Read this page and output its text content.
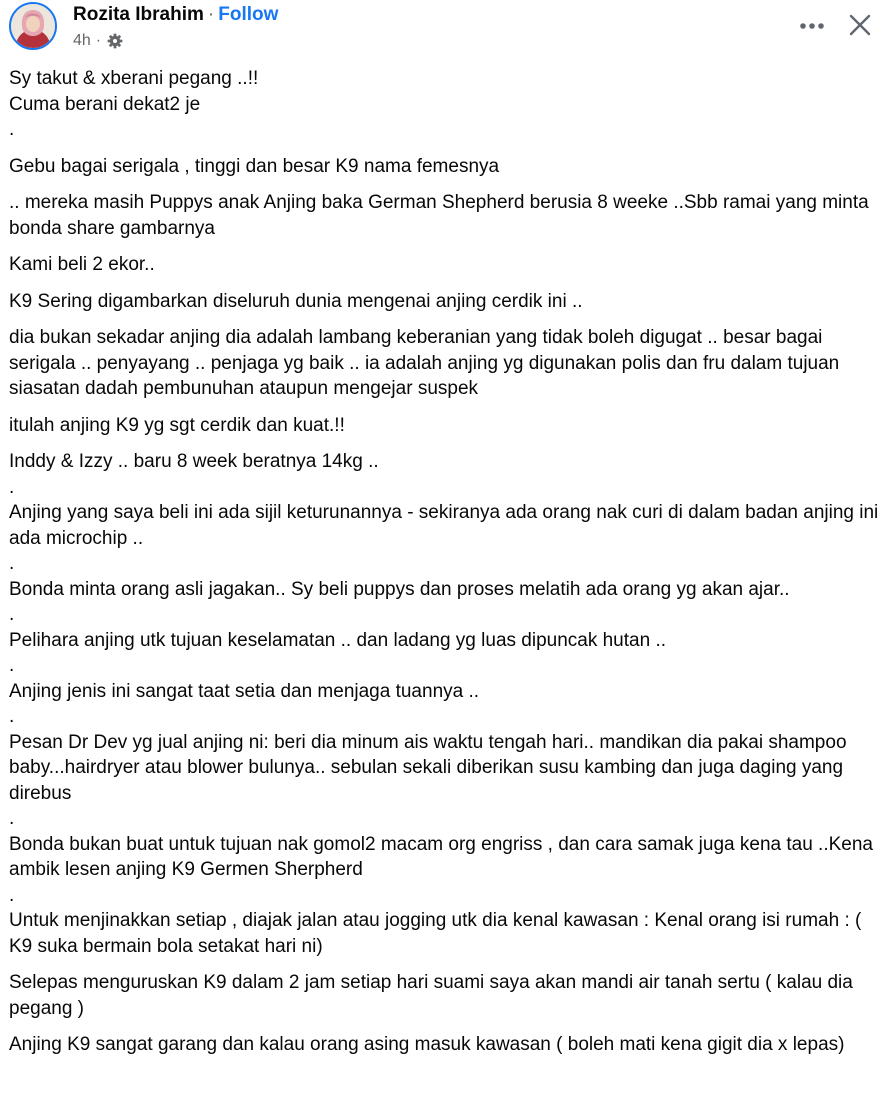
Rozita Ibrahim · Follow
4h ·

Sy takut & xberani pegang ..!!

Cuma berani dekat2 je

.

Gebu bagai serigala , tinggi dan besar K9 nama femesnya

.. mereka masih Puppys anak Anjing baka German Shepherd berusia 8 weeke ..Sbb ramai yang minta bonda share gambarnya

Kami beli 2 ekor..

K9 Sering digambarkan diseluruh dunia mengenai anjing cerdik ini ..

dia bukan sekadar anjing dia adalah lambang keberanian yang tidak boleh digugat .. besar bagai serigala .. penyayang .. penjaga yg baik .. ia adalah anjing yg digunakan polis dan fru dalam tujuan siasatan dadah pembunuhan ataupun mengejar suspek

itulah anjing K9 yg sgt cerdik dan kuat.!!

Inddy & Izzy .. baru 8 week beratnya 14kg ..

.

Anjing yang saya beli ini ada sijil keturunannya - sekiranya ada orang nak curi di dalam badan anjing ini ada microchip ..

.

Bonda minta orang asli jagakan.. Sy beli puppys dan proses melatih ada orang yg akan ajar..

.

Pelihara anjing utk tujuan keselamatan .. dan ladang yg luas dipuncak hutan ..

.

Anjing jenis ini sangat taat setia dan menjaga tuannya ..

.

Pesan Dr Dev yg jual anjing ni: beri dia minum ais waktu tengah hari.. mandikan dia pakai shampoo baby...hairdryer atau blower bulunya.. sebulan sekali diberikan susu kambing dan juga daging yang direbus

.

Bonda bukan buat untuk tujuan nak gomol2 macam org engriss , dan cara samak juga kena tau ..Kena ambik lesen anjing K9 Germen Sherpherd

.

Untuk menjinakkan setiap , diajak jalan atau jogging utk dia kenal kawasan : Kenal orang isi rumah : ( K9 suka bermain bola setakat hari ni)

Selepas menguruskan K9 dalam 2 jam setiap hari suami saya akan mandi air tanah sertu ( kalau dia pegang )

Anjing K9 sangat garang dan kalau orang asing masuk kawasan ( boleh mati kena gigit dia x lepas)
